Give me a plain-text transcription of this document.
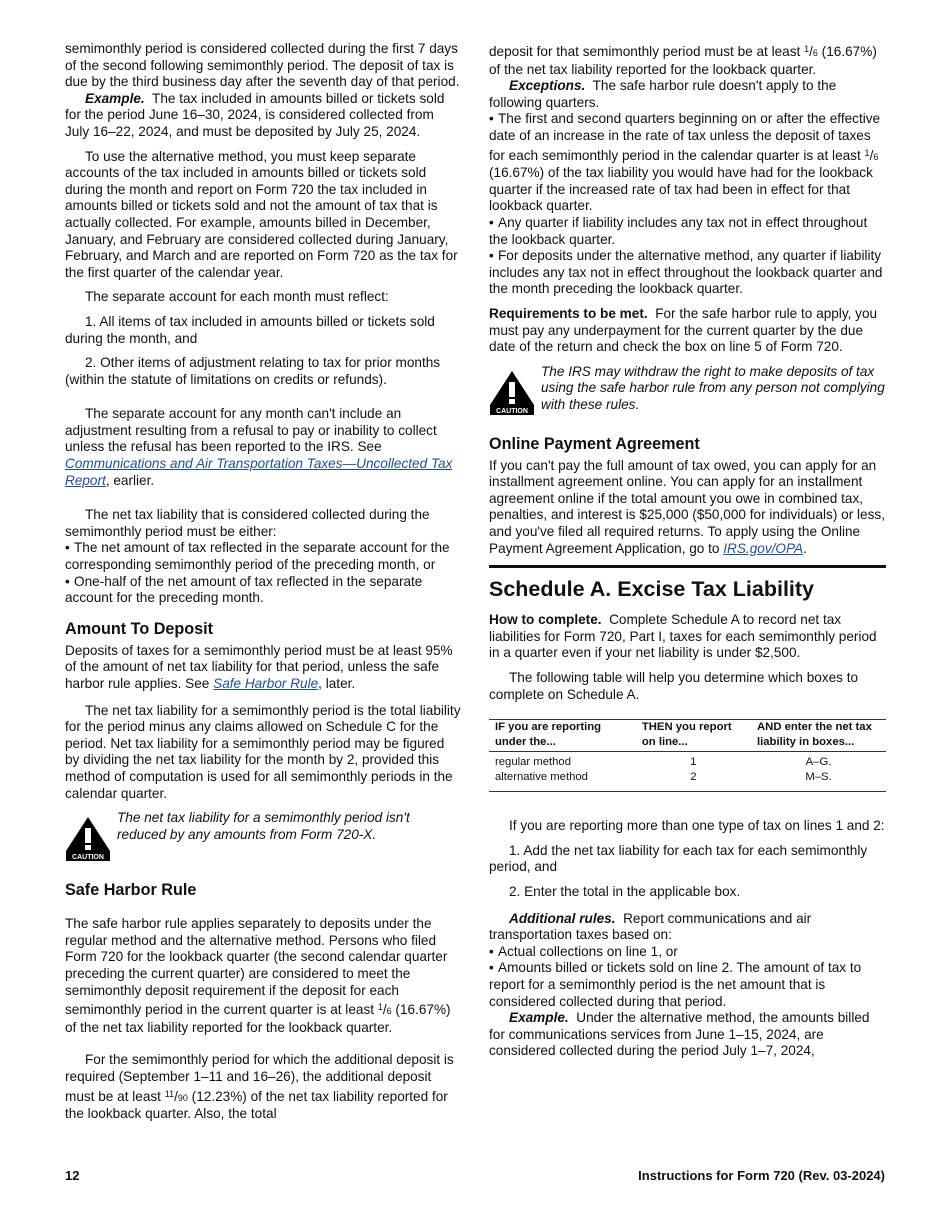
semimonthly period is considered collected during the first 7 days of the second following semimonthly period. The deposit of tax is due by the third business day after the seventh day of that period.

Example. The tax included in amounts billed or tickets sold for the period June 16–30, 2024, is considered collected from July 16–22, 2024, and must be deposited by July 25, 2024.

To use the alternative method, you must keep separate accounts of the tax included in amounts billed or tickets sold during the month and report on Form 720 the tax included in amounts billed or tickets sold and not the amount of tax that is actually collected. For example, amounts billed in December, January, and February are considered collected during January, February, and March and are reported on Form 720 as the tax for the first quarter of the calendar year.

The separate account for each month must reflect:

1. All items of tax included in amounts billed or tickets sold during the month, and

2. Other items of adjustment relating to tax for prior months (within the statute of limitations on credits or refunds).

The separate account for any month can't include an adjustment resulting from a refusal to pay or inability to collect unless the refusal has been reported to the IRS. See Communications and Air Transportation Taxes—Uncollected Tax Report, earlier.

The net tax liability that is considered collected during the semimonthly period must be either:

• The net amount of tax reflected in the separate account for the corresponding semimonthly period of the preceding month, or

• One-half of the net amount of tax reflected in the separate account for the preceding month.

Amount To Deposit

Deposits of taxes for a semimonthly period must be at least 95% of the amount of net tax liability for that period, unless the safe harbor rule applies. See Safe Harbor Rule, later.

The net tax liability for a semimonthly period is the total liability for the period minus any claims allowed on Schedule C for the period. Net tax liability for a semimonthly period may be figured by dividing the net tax liability for the month by 2, provided this method of computation is used for all semimonthly periods in the calendar quarter.

CAUTION
The net tax liability for a semimonthly period isn't reduced by any amounts from Form 720-X.
Safe Harbor Rule

The safe harbor rule applies separately to deposits under the regular method and the alternative method. Persons who filed Form 720 for the lookback quarter (the second calendar quarter preceding the current quarter) are considered to meet the semimonthly deposit requirement if the deposit for each semimonthly period in the current quarter is at least $^1$/6 (16.67%) of the net tax liability reported for the lookback quarter.

For the semimonthly period for which the additional deposit is required (September 1–11 and 16–26), the additional deposit must be at least $^{11}$/90 (12.23%) of the net tax liability reported for the lookback quarter. Also, the total

deposit for that semimonthly period must be at least $^1$/6 (16.67%) of the net tax liability reported for the lookback quarter.

Exceptions. The safe harbor rule doesn't apply to the following quarters.

• The first and second quarters beginning on or after the effective date of an increase in the rate of tax unless the deposit of taxes for each semimonthly period in the calendar quarter is at least $^1$/6 (16.67%) of the tax liability you would have had for the lookback quarter if the increased rate of tax had been in effect for that lookback quarter.

• Any quarter if liability includes any tax not in effect throughout the lookback quarter.

• For deposits under the alternative method, any quarter if liability includes any tax not in effect throughout the lookback quarter and the month preceding the lookback quarter.

Requirements to be met. For the safe harbor rule to apply, you must pay any underpayment for the current quarter by the due date of the return and check the box on line 5 of Form 720.

CAUTION
The IRS may withdraw the right to make deposits of tax using the safe harbor rule from any person not complying with these rules.
Online Payment Agreement

If you can't pay the full amount of tax owed, you can apply for an installment agreement online. You can apply for an installment agreement online if the total amount you owe in combined tax, penalties, and interest is $25,000 ($50,000 for individuals) or less, and you've filed all required returns. To apply using the Online Payment Agreement Application, go to IRS.gov/OPA.

Schedule A. Excise Tax Liability

How to complete. Complete Schedule A to record net tax liabilities for Form 720, Part I, taxes for each semimonthly period in a quarter even if your net liability is under $2,500.

The following table will help you determine which boxes to complete on Schedule A.

IF you are reporting under the...	THEN you report on line...	AND enter the net tax liability in boxes...
regular method	1	A–G.
alternative method	2	M–S.

If you are reporting more than one type of tax on lines 1 and 2:

1. Add the net tax liability for each tax for each semimonthly period, and

2. Enter the total in the applicable box.

Additional rules. Report communications and air transportation taxes based on:

• Actual collections on line 1, or

• Amounts billed or tickets sold on line 2. The amount of tax to report for a semimonthly period is the net amount that is considered collected during that period.

Example. Under the alternative method, the amounts billed for communications services from June 1–15, 2024, are considered collected during the period July 1–7, 2024,

12	Instructions for Form 720 (Rev. 03-2024)
